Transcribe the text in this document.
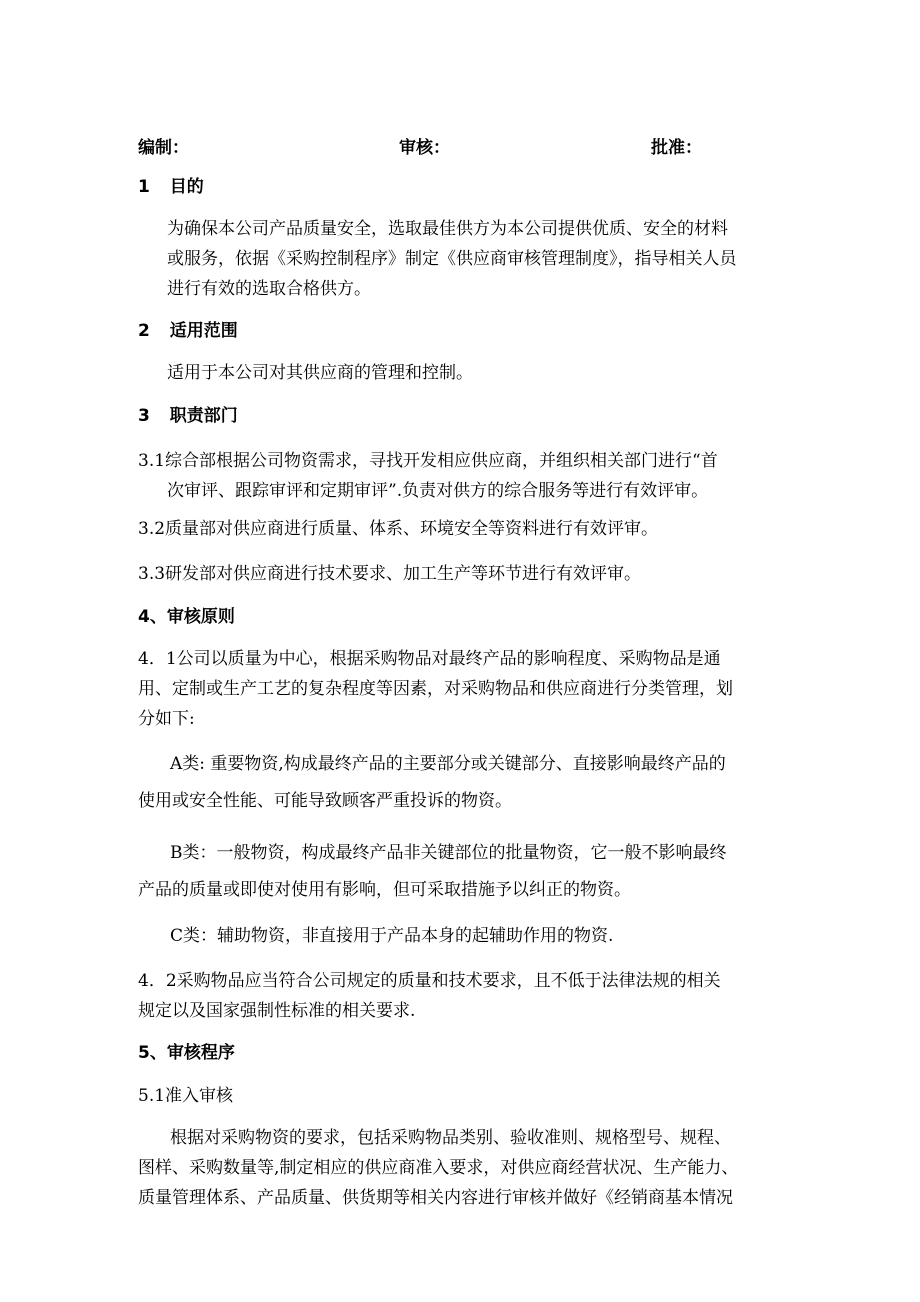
编制：	审核：	批准：
1 目的
为确保本公司产品质量安全，选取最佳供方为本公司提供优质、安全的材料
或服务，依据《采购控制程序》制定《供应商审核管理制度》，指导相关人员
进行有效的选取合格供方。
2 适用范围
适用于本公司对其供应商的管理和控制。
3 职责部门
3.1综合部根据公司物资需求，寻找开发相应供应商，并组织相关部门进行“首
次审评、跟踪审评和定期审评”.负责对供方的综合服务等进行有效评审。
3.2质量部对供应商进行质量、体系、环境安全等资料进行有效评审。
3.3研发部对供应商进行技术要求、加工生产等环节进行有效评审。
4、审核原则
4．1公司以质量为中心，根据采购物品对最终产品的影响程度、采购物品是通
用、定制或生产工艺的复杂程度等因素，对采购物品和供应商进行分类管理，划
分如下:
A类: 重要物资,构成最终产品的主要部分或关键部分、直接影响最终产品的
使用或安全性能、可能导致顾客严重投诉的物资。
B类：一般物资，构成最终产品非关键部位的批量物资，它一般不影响最终
产品的质量或即使对使用有影响，但可采取措施予以纠正的物资。
C类：辅助物资，非直接用于产品本身的起辅助作用的物资.
4．2采购物品应当符合公司规定的质量和技术要求，且不低于法律法规的相关
规定以及国家强制性标准的相关要求.
5、审核程序
5.1准入审核
根据对采购物资的要求，包括采购物品类别、验收准则、规格型号、规程、
图样、采购数量等,制定相应的供应商准入要求，对供应商经营状况、生产能力、
质量管理体系、产品质量、供货期等相关内容进行审核并做好《经销商基本情况
